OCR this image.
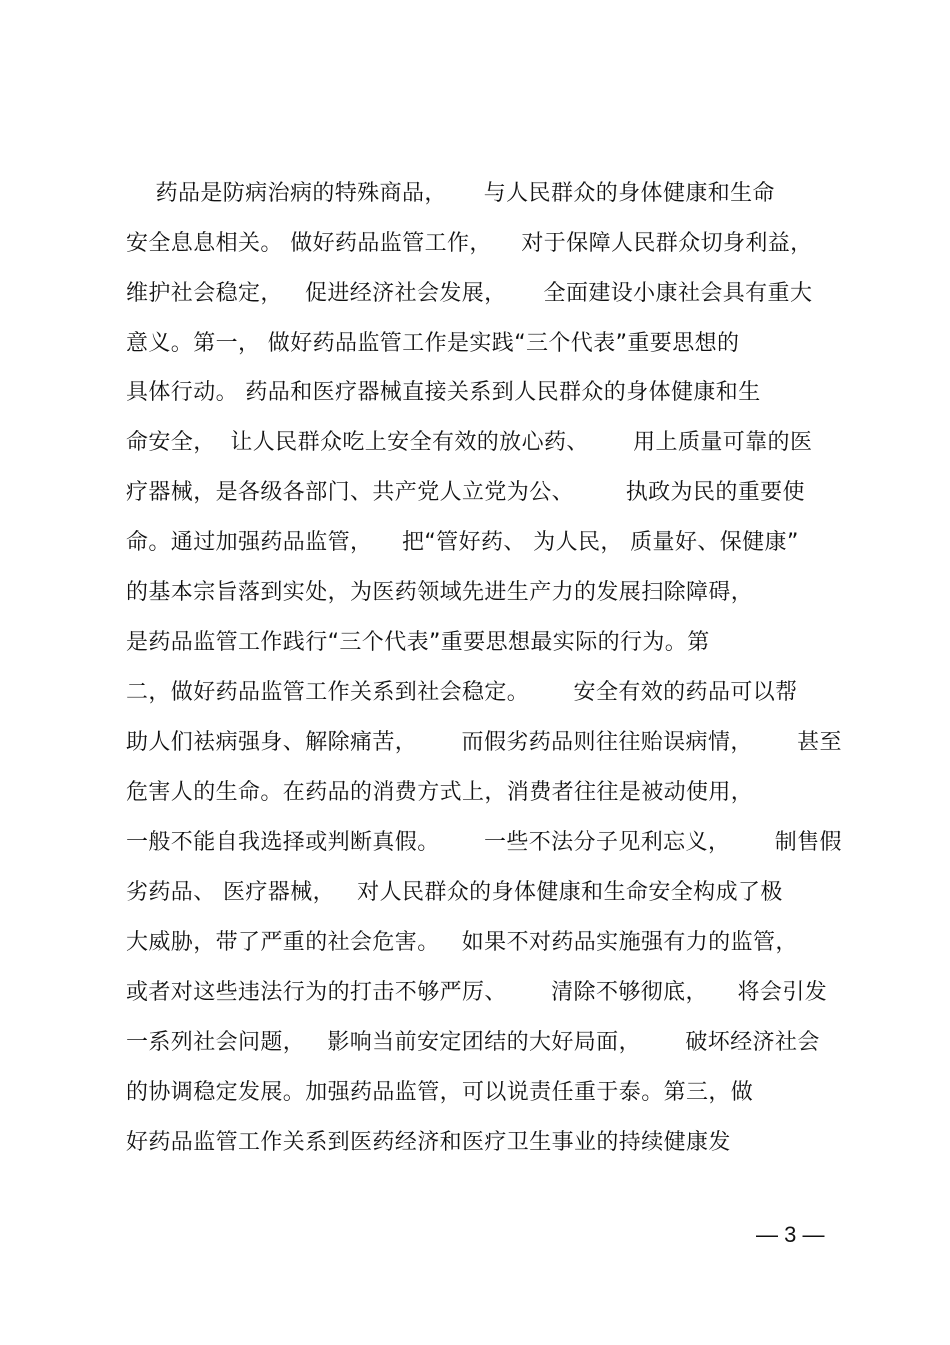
药品是防病治病的特殊商品，     与人民群众的身体健康和生命
安全息息相关。 做好药品监管工作，    对于保障人民群众切身利益，
维护社会稳定，   促进经济社会发展，     全面建设小康社会具有重大
意义。第一， 做好药品监管工作是实践“三个代表”重要思想的
具体行动。 药品和医疗器械直接关系到人民群众的身体健康和生
命安全，  让人民群众吃上安全有效的放心药、      用上质量可靠的医
疗器械，是各级各部门、共产党人立党为公、       执政为民的重要使
命。通过加强药品监管，    把“管好药、 为人民， 质量好、保健康”
的基本宗旨落到实处，为医药领域先进生产力的发展扫除障碍，
是药品监管工作践行“三个代表”重要思想最实际的行为。第
二，做好药品监管工作关系到社会稳定。      安全有效的药品可以帮
助人们袪病强身、解除痛苦，      而假劣药品则往往贻误病情，      甚至
危害人的生命。在药品的消费方式上，消费者往往是被动使用，
一般不能自我选择或判断真假。      一些不法分子见利忘义，      制售假
劣药品、 医疗器械，   对人民群众的身体健康和生命安全构成了极
大威胁，带了严重的社会危害。   如果不对药品实施强有力的监管，
或者对这些违法行为的打击不够严厉、      清除不够彻底，    将会引发
一系列社会问题，   影响当前安定团结的大好局面，      破坏经济社会
的协调稳定发展。加强药品监管，可以说责任重于泰。第三，做
好药品监管工作关系到医药经济和医疗卫生事业的持续健康发
— 3 —
